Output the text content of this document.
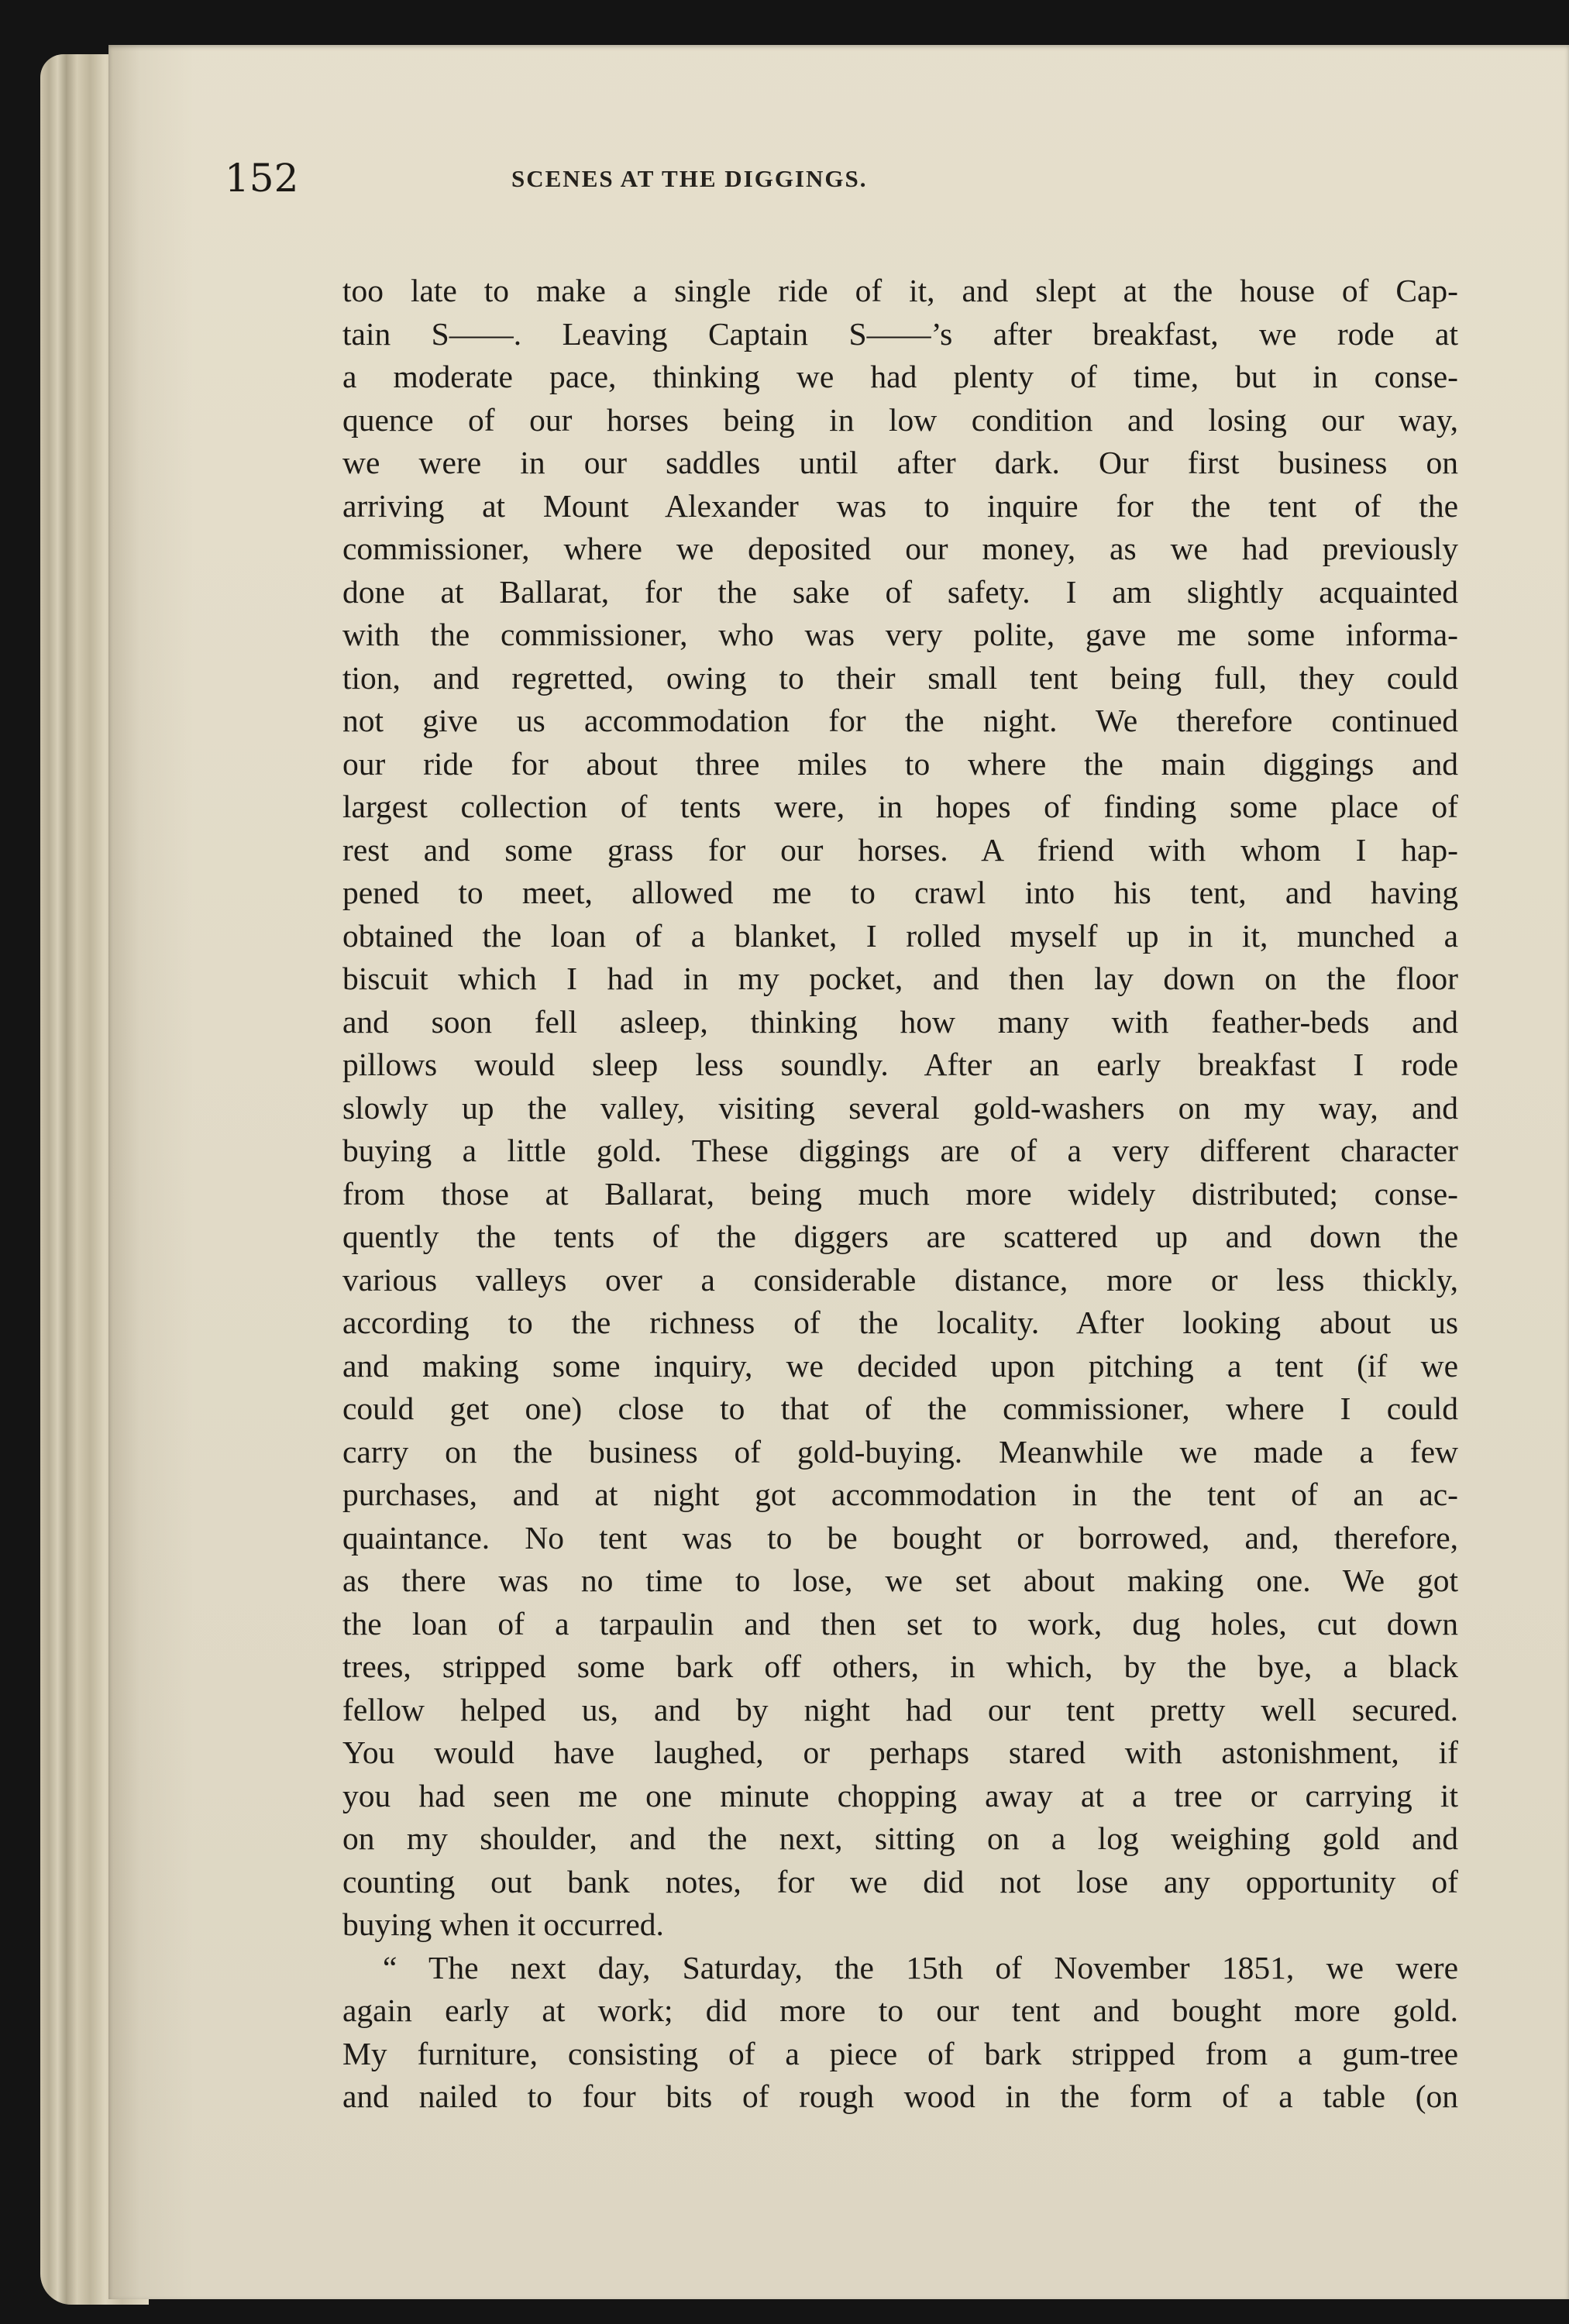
152	SCENES AT THE DIGGINGS.
too late to make a single ride of it, and slept at the house of Cap-
tain S——. Leaving Captain S——’s after breakfast, we rode at
a moderate pace, thinking we had plenty of time, but in conse-
quence of our horses being in low condition and losing our way,
we were in our saddles until after dark. Our first business on
arriving at Mount Alexander was to inquire for the tent of the
commissioner, where we deposited our money, as we had previously
done at Ballarat, for the sake of safety. I am slightly acquainted
with the commissioner, who was very polite, gave me some informa-
tion, and regretted, owing to their small tent being full, they could
not give us accommodation for the night. We therefore continued
our ride for about three miles to where the main diggings and
largest collection of tents were, in hopes of finding some place of
rest and some grass for our horses. A friend with whom I hap-
pened to meet, allowed me to crawl into his tent, and having
obtained the loan of a blanket, I rolled myself up in it, munched a
biscuit which I had in my pocket, and then lay down on the floor
and soon fell asleep, thinking how many with feather-beds and
pillows would sleep less soundly. After an early breakfast I rode
slowly up the valley, visiting several gold-washers on my way, and
buying a little gold. These diggings are of a very different character
from those at Ballarat, being much more widely distributed; conse-
quently the tents of the diggers are scattered up and down the
various valleys over a considerable distance, more or less thickly,
according to the richness of the locality. After looking about us
and making some inquiry, we decided upon pitching a tent (if we
could get one) close to that of the commissioner, where I could
carry on the business of gold-buying. Meanwhile we made a few
purchases, and at night got accommodation in the tent of an ac-
quaintance. No tent was to be bought or borrowed, and, therefore,
as there was no time to lose, we set about making one. We got
the loan of a tarpaulin and then set to work, dug holes, cut down
trees, stripped some bark off others, in which, by the bye, a black
fellow helped us, and by night had our tent pretty well secured.
You would have laughed, or perhaps stared with astonishment, if
you had seen me one minute chopping away at a tree or carrying it
on my shoulder, and the next, sitting on a log weighing gold and
counting out bank notes, for we did not lose any opportunity of
buying when it occurred.
“ The next day, Saturday, the 15th of November 1851, we were
again early at work; did more to our tent and bought more gold.
My furniture, consisting of a piece of bark stripped from a gum-tree
and nailed to four bits of rough wood in the form of a table (on
